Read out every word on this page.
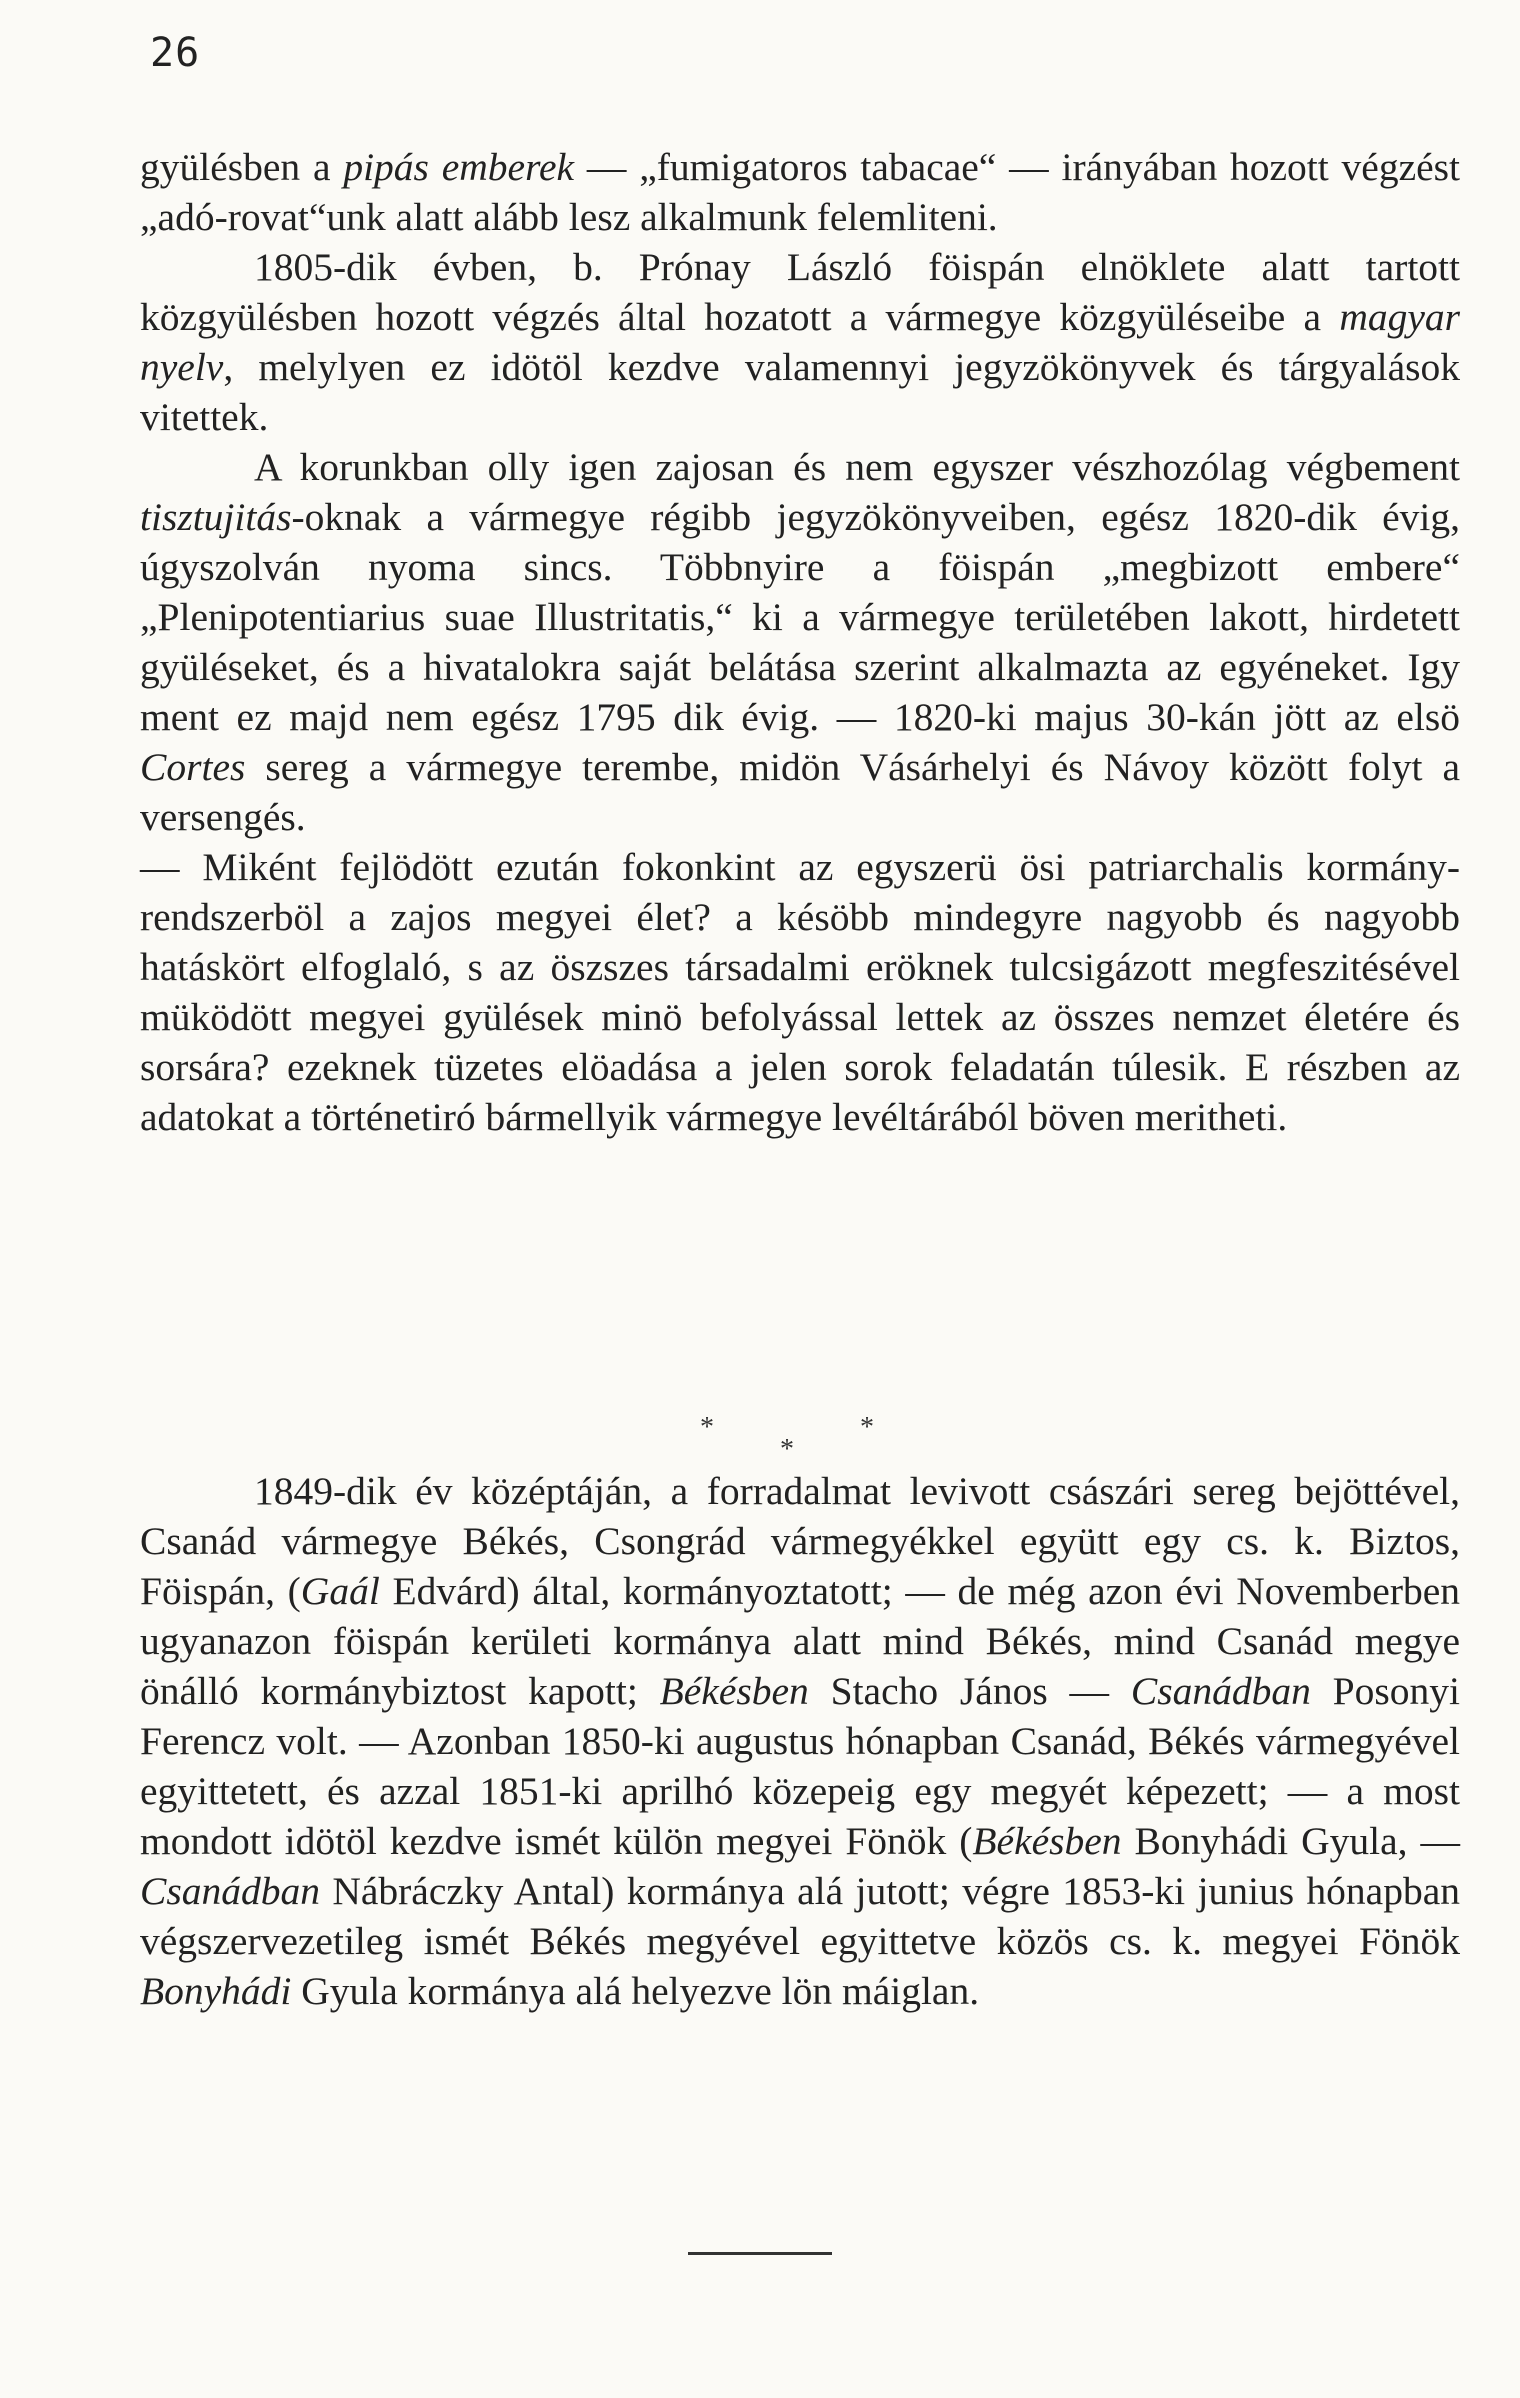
26

gyülésben a pipás emberek — „fumigatoros tabacae“ — irányában hozott végzést „adó-rovat“unk alatt alább lesz alkalmunk felemliteni.

1805-dik évben, b. Prónay László föispán elnöklete alatt tartott közgyülésben hozott végzés által hozatott a vármegye közgyüléseibe a magyar nyelv, melylyen ez idötöl kezdve valamennyi jegyzökönyvek és tárgyalások vitettek.

A korunkban olly igen zajosan és nem egyszer vészhozólag végbement tisztujitás-oknak a vármegye régibb jegyzökönyveiben, egész 1820-dik évig, úgyszolván nyoma sincs. Többnyire a föispán „megbizott embere“ „Plenipotentiarius suae Illustritatis,“ ki a vármegye területében lakott, hirdetett gyüléseket, és a hivatalokra saját belátása szerint alkalmazta az egyéneket. Igy ment ez majd nem egész 1795 dik évig. — 1820-ki majus 30-kán jött az elsö Cortes sereg a vármegye terembe, midön Vásárhelyi és Návoy között folyt a versengés.

— Miként fejlödött ezután fokonkint az egyszerü ösi patriarchalis kormány-rendszerböl a zajos megyei élet? a késöbb mindegyre nagyobb és nagyobb hatáskört elfoglaló, s az öszszes társadalmi eröknek tulcsigázott megfeszitésével müködött megyei gyülések minö befolyással lettek az összes nemzet életére és sorsára? ezeknek tüzetes elöadása a jelen sorok feladatán túlesik. E részben az adatokat a történetiró bármellyik vármegye levéltárából böven meritheti.

*
*
*

1849-dik év középtáján, a forradalmat levivott császári sereg bejöttével, Csanád vármegye Békés, Csongrád vármegyékkel együtt egy cs. k. Biztos, Föispán, (Gaál Edvárd) által, kormányoztatott; — de még azon évi Novemberben ugyanazon föispán kerületi kormánya alatt mind Békés, mind Csanád megye önálló kormánybiztost kapott; Békésben Stacho János — Csanádban Posonyi Ferencz volt. — Azonban 1850-ki augustus hónapban Csanád, Békés vármegyével egyittetett, és azzal 1851-ki aprilhó közepeig egy megyét képezett; — a most mondott idötöl kezdve ismét külön megyei Fönök (Békésben Bonyhádi Gyula, — Csanádban Nábráczky Antal) kormánya alá jutott; végre 1853-ki junius hónapban végszervezetileg ismét Békés megyével egyittetve közös cs. k. megyei Fönök Bonyhádi Gyula kormánya alá helyezve lön máiglan.
